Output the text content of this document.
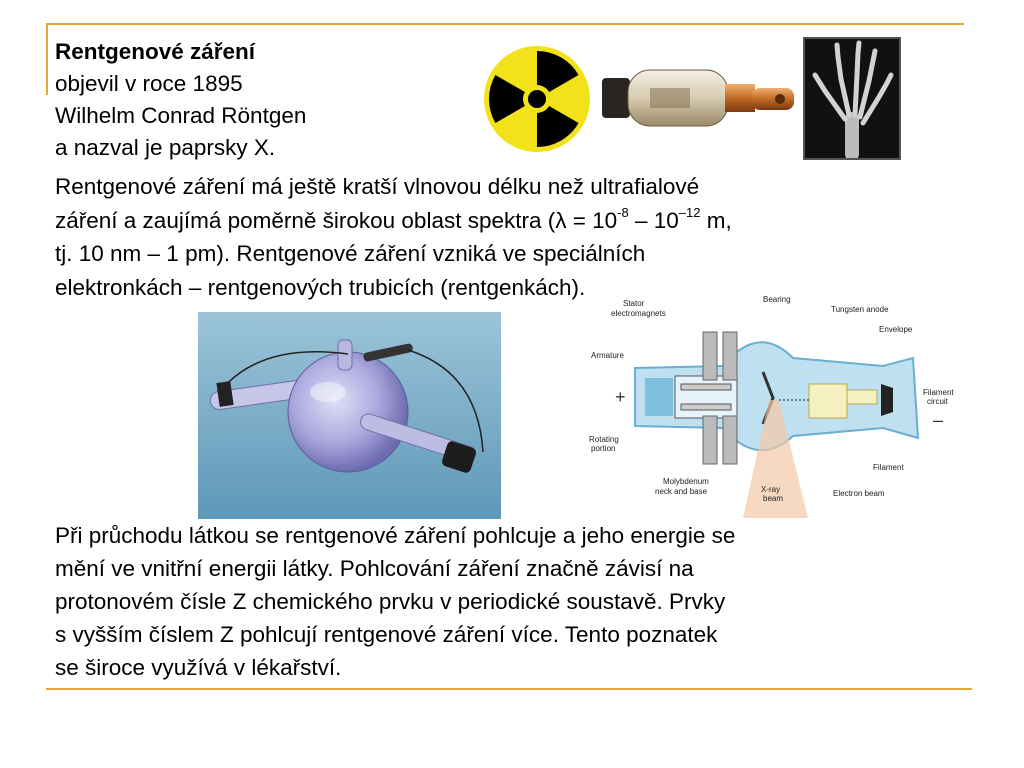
Rentgenové záření
objevil v roce 1895
Wilhelm Conrad Röntgen
a nazval je paprsky X.
Rentgenové záření má ještě kratší vlnovou délku než ultrafialové
záření a zaujímá poměrně širokou oblast spektra ($\lambda = 10^{-8} - 10^{-12}$ m,
tj. 10 nm – 1 pm). Rentgenové záření vzniká ve speciálních
elektronkách – rentgenových trubicích (rentgenkách).
Stator
electromagnets
Bearing
Tungsten anode
Envelope
Armature
Filament
circuit
Rotating
portion
Molybdenum
neck and base
Filament
X-ray
beam
Electron beam
+
–
Při průchodu látkou se rentgenové záření pohlcuje a jeho energie se
mění ve vnitřní energii látky. Pohlcování záření značně závisí na
protonovém čísle Z chemického prvku v periodické soustavě. Prvky
s vyšším číslem Z pohlcují rentgenové záření více. Tento poznatek
se široce využívá v lékařství.
